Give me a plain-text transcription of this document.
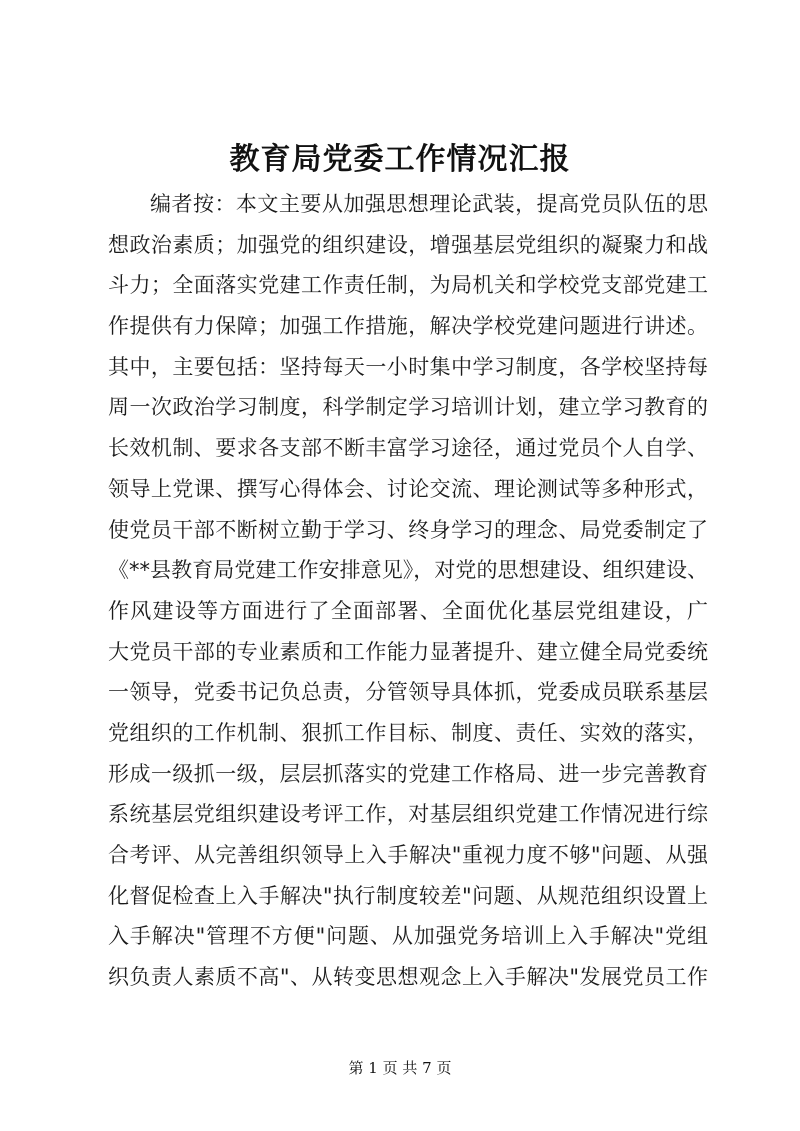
教育局党委工作情况汇报
编者按：本文主要从加强思想理论武装，提高党员队伍的思
想政治素质；加强党的组织建设，增强基层党组织的凝聚力和战
斗力；全面落实党建工作责任制，为局机关和学校党支部党建工
作提供有力保障；加强工作措施，解决学校党建问题进行讲述。
其中，主要包括：坚持每天一小时集中学习制度，各学校坚持每
周一次政治学习制度，科学制定学习培训计划，建立学习教育的
长效机制、要求各支部不断丰富学习途径，通过党员个人自学、
领导上党课、撰写心得体会、讨论交流、理论测试等多种形式，
使党员干部不断树立勤于学习、终身学习的理念、局党委制定了
《**县教育局党建工作安排意见》，对党的思想建设、组织建设、
作风建设等方面进行了全面部署、全面优化基层党组建设，广
大党员干部的专业素质和工作能力显著提升、建立健全局党委统
一领导，党委书记负总责，分管领导具体抓，党委成员联系基层
党组织的工作机制、狠抓工作目标、制度、责任、实效的落实，
形成一级抓一级，层层抓落实的党建工作格局、进一步完善教育
系统基层党组织建设考评工作，对基层组织党建工作情况进行综
合考评、从完善组织领导上入手解决"重视力度不够"问题、从强
化督促检查上入手解决"执行制度较差"问题、从规范组织设置上
入手解决"管理不方便"问题、从加强党务培训上入手解决"党组
织负责人素质不高"、从转变思想观念上入手解决"发展党员工作
第 1 页 共 7 页
